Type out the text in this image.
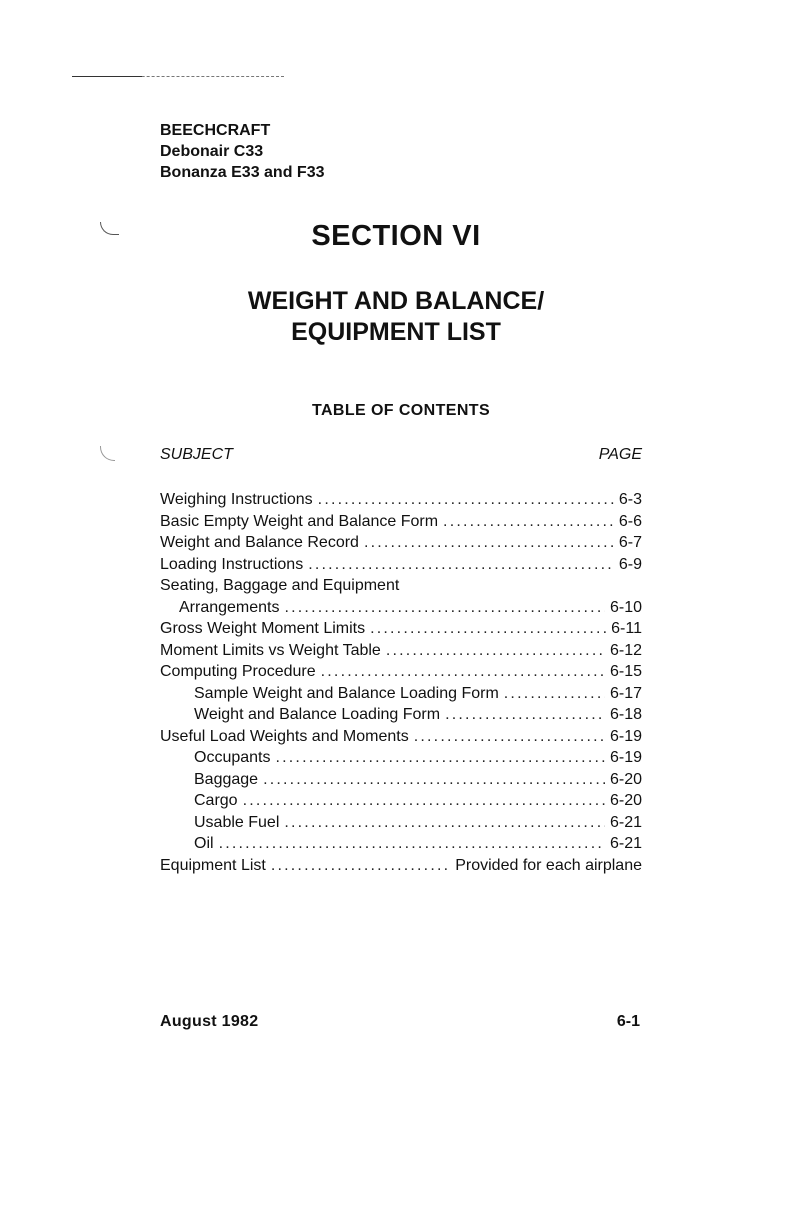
BEECHCRAFT
Debonair C33
Bonanza E33 and F33
SECTION VI
WEIGHT AND BALANCE/
EQUIPMENT LIST
TABLE OF CONTENTS
SUBJECT	PAGE
Weighing Instructions .....	6-3
Basic Empty Weight and Balance Form .....	6-6
Weight and Balance Record .....	6-7
Loading Instructions .....	6-9
Seating, Baggage and Equipment
Arrangements .....	6-10
Gross Weight Moment Limits .....	6-11
Moment Limits vs Weight Table .....	6-12
Computing Procedure .....	6-15
Sample Weight and Balance Loading Form .....	6-17
Weight and Balance Loading Form .....	6-18
Useful Load Weights and Moments .....	6-19
Occupants .....	6-19
Baggage .....	6-20
Cargo .....	6-20
Usable Fuel .....	6-21
Oil .....	6-21
Equipment List .....	Provided for each airplane
August 1982	6-1
